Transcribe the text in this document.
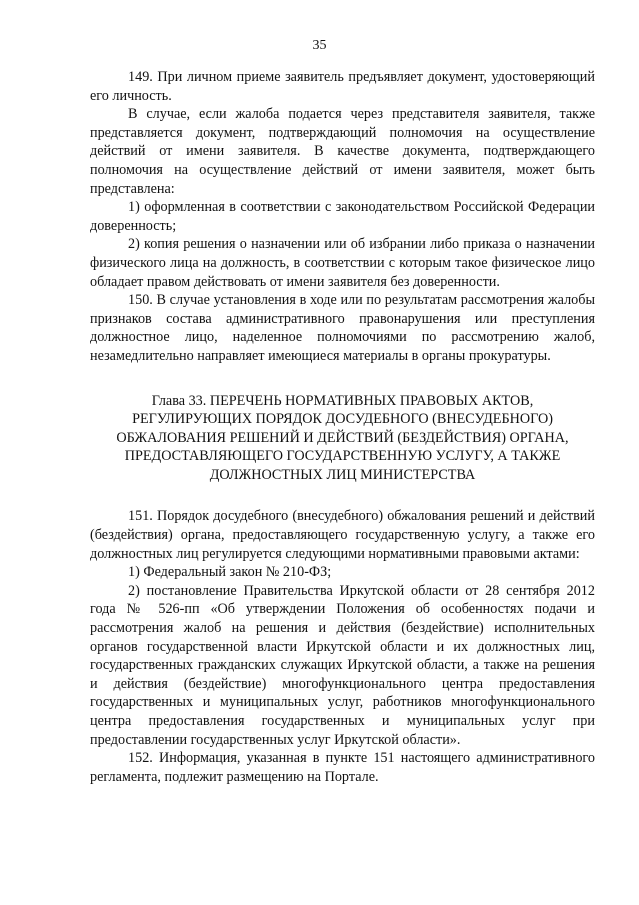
35

149. При личном приеме заявитель предъявляет документ, удостоверяющий его личность.

В случае, если жалоба подается через представителя заявителя, также представляется документ, подтверждающий полномочия на осуществление действий от имени заявителя. В качестве документа, подтверждающего полномочия на осуществление действий от имени заявителя, может быть представлена:

1) оформленная в соответствии с законодательством Российской Федерации доверенность;

2) копия решения о назначении или об избрании либо приказа о назначении физического лица на должность, в соответствии с которым такое физическое лицо обладает правом действовать от имени заявителя без доверенности.

150. В случае установления в ходе или по результатам рассмотрения жалобы признаков состава административного правонарушения или преступления должностное лицо, наделенное полномочиями по рассмотрению жалоб, незамедлительно направляет имеющиеся материалы в органы прокуратуры.

Глава 33. ПЕРЕЧЕНЬ НОРМАТИВНЫХ ПРАВОВЫХ АКТОВ,
РЕГУЛИРУЮЩИХ ПОРЯДОК ДОСУДЕБНОГО (ВНЕСУДЕБНОГО)
ОБЖАЛОВАНИЯ РЕШЕНИЙ И ДЕЙСТВИЙ (БЕЗДЕЙСТВИЯ) ОРГАНА,
ПРЕДОСТАВЛЯЮЩЕГО ГОСУДАРСТВЕННУЮ УСЛУГУ, А ТАКЖЕ
ДОЛЖНОСТНЫХ ЛИЦ МИНИСТЕРСТВА

151. Порядок досудебного (внесудебного) обжалования решений и действий (бездействия) органа, предоставляющего государственную услугу, а также его должностных лиц регулируется следующими нормативными правовыми актами:

1) Федеральный закон № 210-ФЗ;

2) постановление Правительства Иркутской области от 28 сентября 2012 года № 526-пп «Об утверждении Положения об особенностях подачи и рассмотрения жалоб на решения и действия (бездействие) исполнительных органов государственной власти Иркутской области и их должностных лиц, государственных гражданских служащих Иркутской области, а также на решения и действия (бездействие) многофункционального центра предоставления государственных и муниципальных услуг, работников многофункционального центра предоставления государственных и муниципальных услуг при предоставлении государственных услуг Иркутской области».

152. Информация, указанная в пункте 151 настоящего административного регламента, подлежит размещению на Портале.
